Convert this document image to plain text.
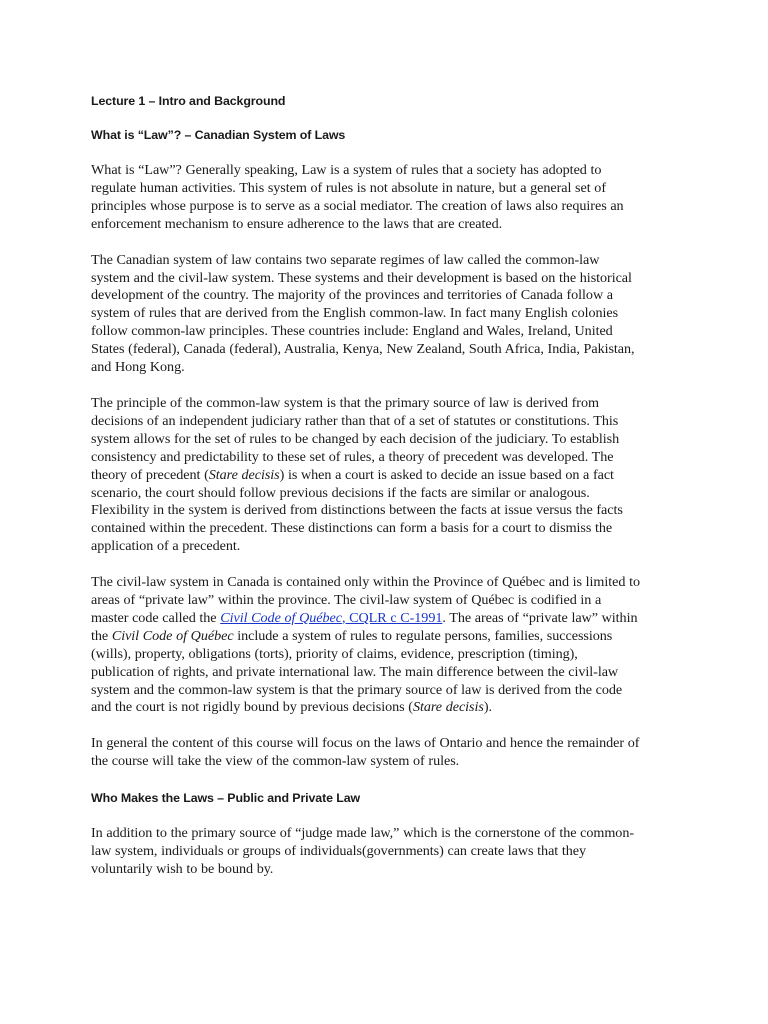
Lecture 1 – Intro and Background

What is “Law”? – Canadian System of Laws

What is “Law”? Generally speaking, Law is a system of rules that a society has adopted to
regulate human activities. This system of rules is not absolute in nature, but a general set of
principles whose purpose is to serve as a social mediator. The creation of laws also requires an
enforcement mechanism to ensure adherence to the laws that are created.

The Canadian system of law contains two separate regimes of law called the common-law
system and the civil-law system. These systems and their development is based on the historical
development of the country. The majority of the provinces and territories of Canada follow a
system of rules that are derived from the English common-law. In fact many English colonies
follow common-law principles. These countries include: England and Wales, Ireland, United
States (federal), Canada (federal), Australia, Kenya, New Zealand, South Africa, India, Pakistan,
and Hong Kong.

The principle of the common-law system is that the primary source of law is derived from
decisions of an independent judiciary rather than that of a set of statutes or constitutions. This
system allows for the set of rules to be changed by each decision of the judiciary. To establish
consistency and predictability to these set of rules, a theory of precedent was developed. The
theory of precedent (Stare decisis) is when a court is asked to decide an issue based on a fact
scenario, the court should follow previous decisions if the facts are similar or analogous.
Flexibility in the system is derived from distinctions between the facts at issue versus the facts
contained within the precedent. These distinctions can form a basis for a court to dismiss the
application of a precedent.

The civil-law system in Canada is contained only within the Province of Québec and is limited to
areas of “private law” within the province. The civil-law system of Québec is codified in a
master code called the Civil Code of Québec, CQLR c C-1991. The areas of “private law” within
the Civil Code of Québec include a system of rules to regulate persons, families, successions
(wills), property, obligations (torts), priority of claims, evidence, prescription (timing),
publication of rights, and private international law. The main difference between the civil-law
system and the common-law system is that the primary source of law is derived from the code
and the court is not rigidly bound by previous decisions (Stare decisis).

In general the content of this course will focus on the laws of Ontario and hence the remainder of
the course will take the view of the common-law system of rules.

Who Makes the Laws – Public and Private Law

In addition to the primary source of “judge made law,” which is the cornerstone of the common-
law system, individuals or groups of individuals(governments) can create laws that they
voluntarily wish to be bound by.
